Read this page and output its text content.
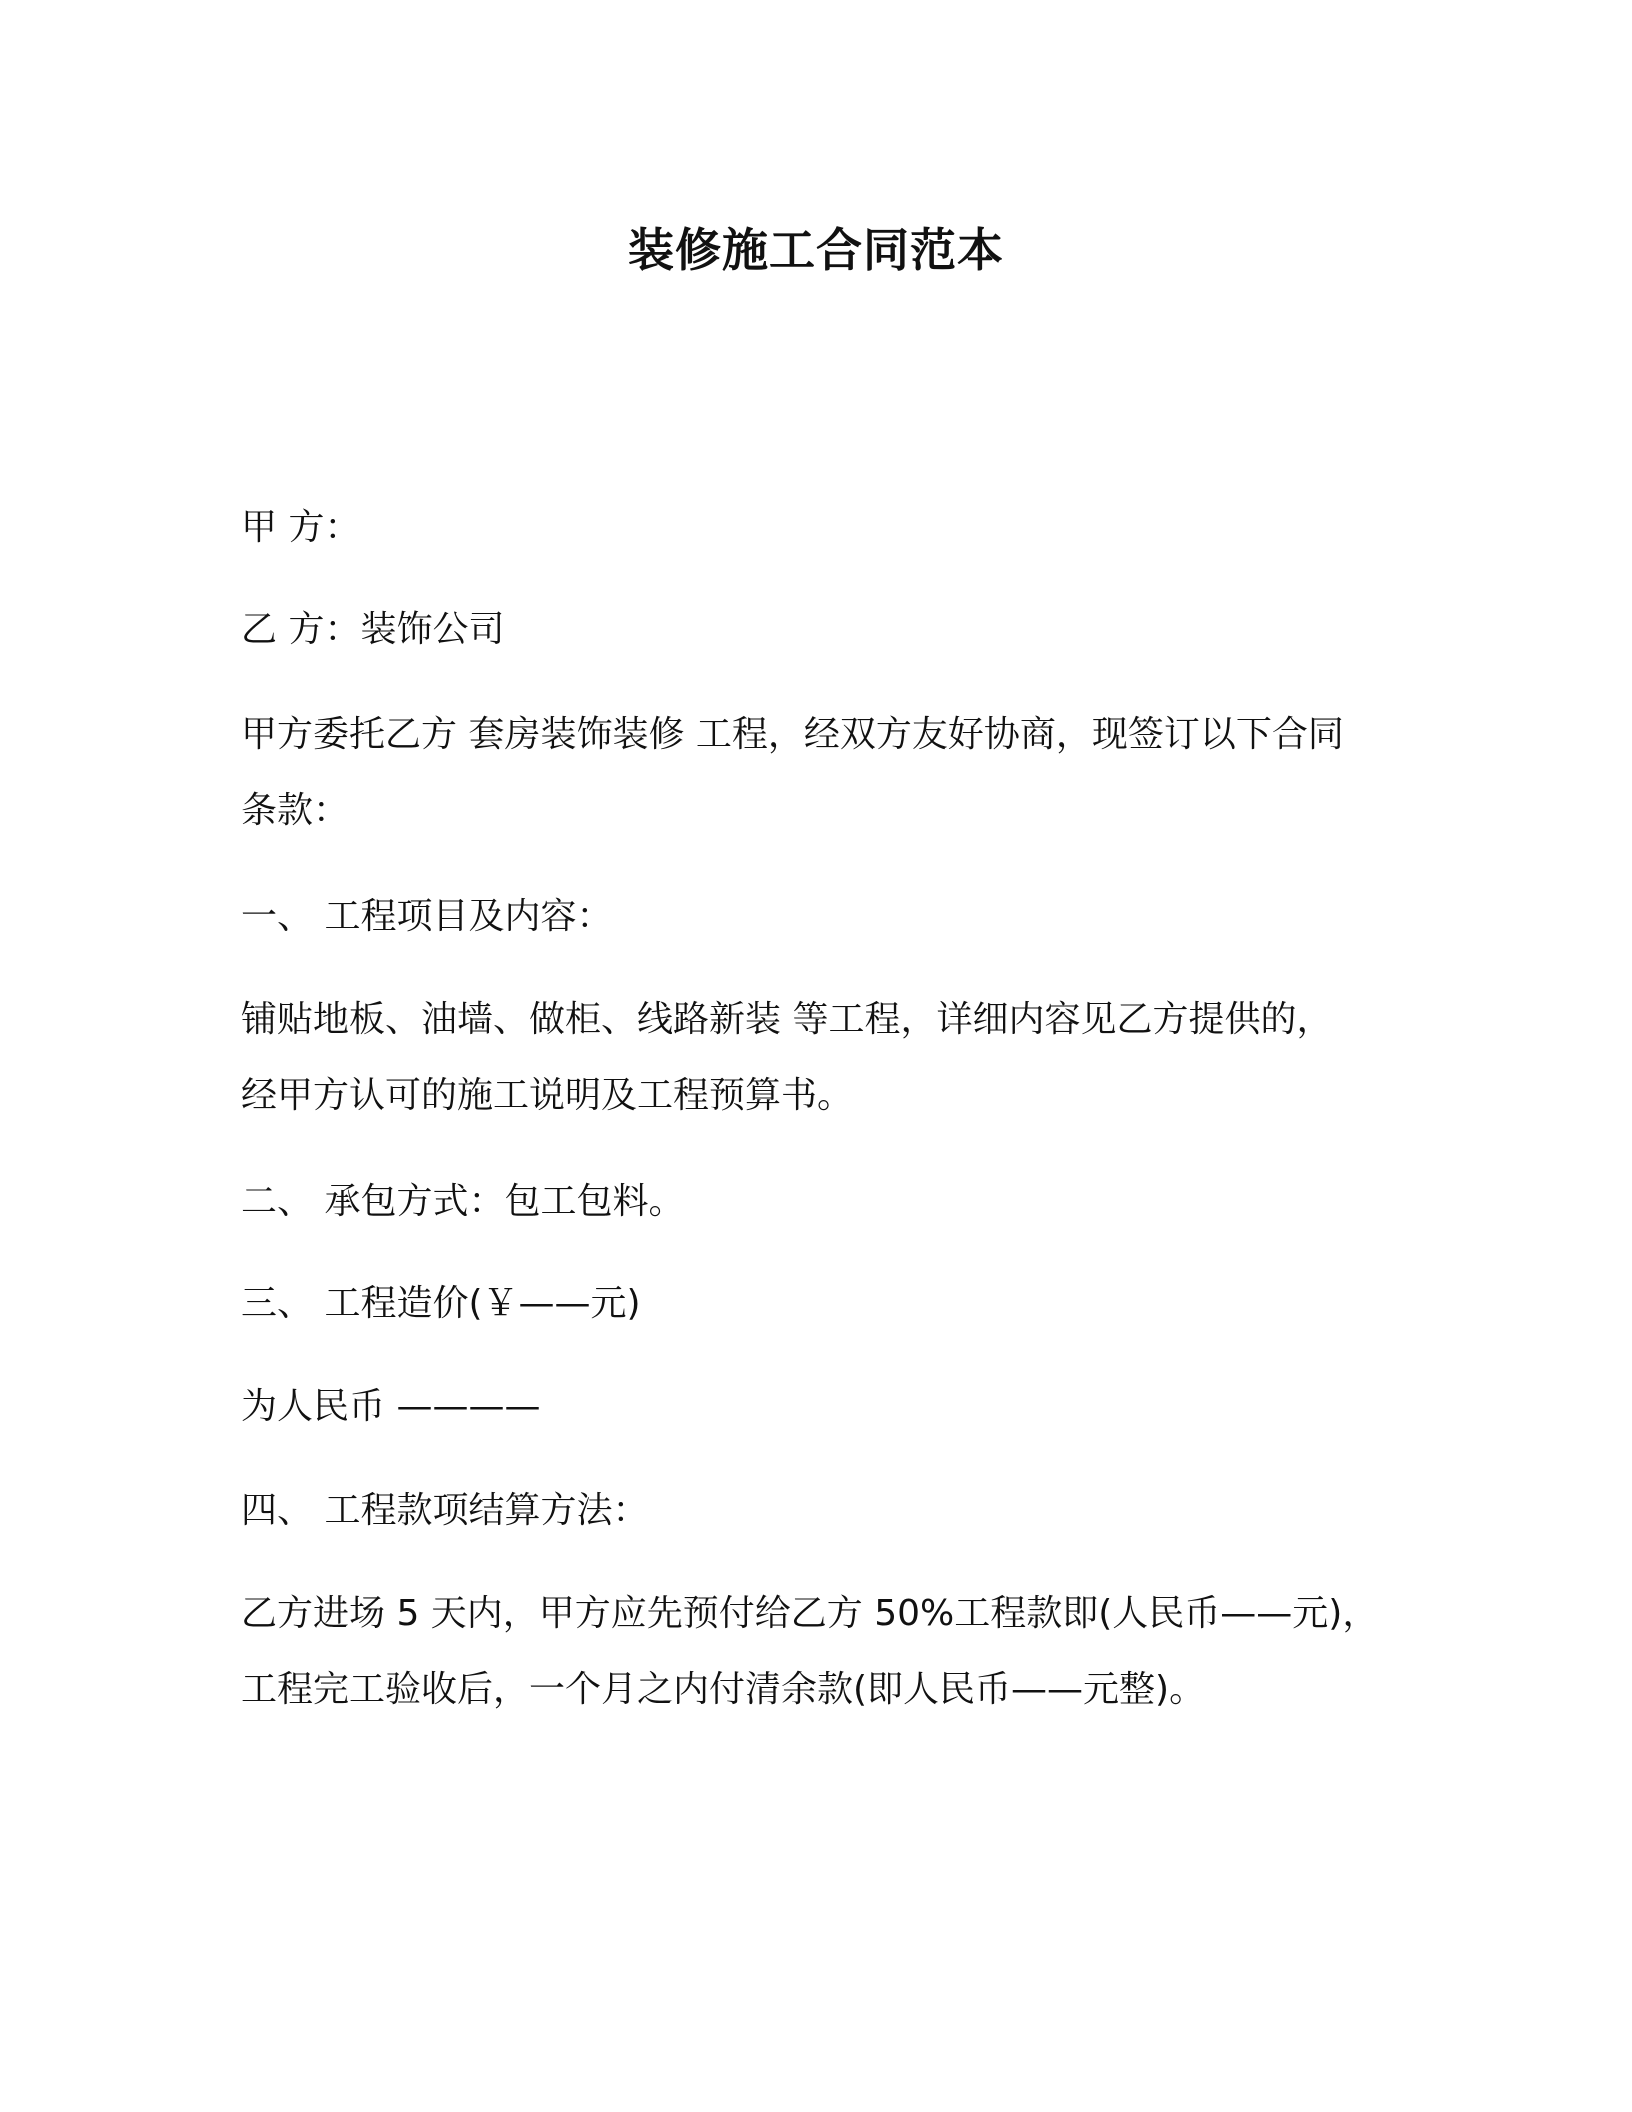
装修施工合同范本

甲 方：

乙 方：装饰公司

甲方委托乙方 套房装饰装修 工程，经双方友好协商，现签订以下合同
条款：

一、 工程项目及内容：

铺贴地板、油墙、做柜、线路新装 等工程，详细内容见乙方提供的，
经甲方认可的施工说明及工程预算书。

二、 承包方式：包工包料。

三、 工程造价(￥——元)

为人民币 ————

四、 工程款项结算方法：

乙方进场 5 天内，甲方应先预付给乙方 50%工程款即(人民币——元)，
工程完工验收后，一个月之内付清余款(即人民币——元整)。
